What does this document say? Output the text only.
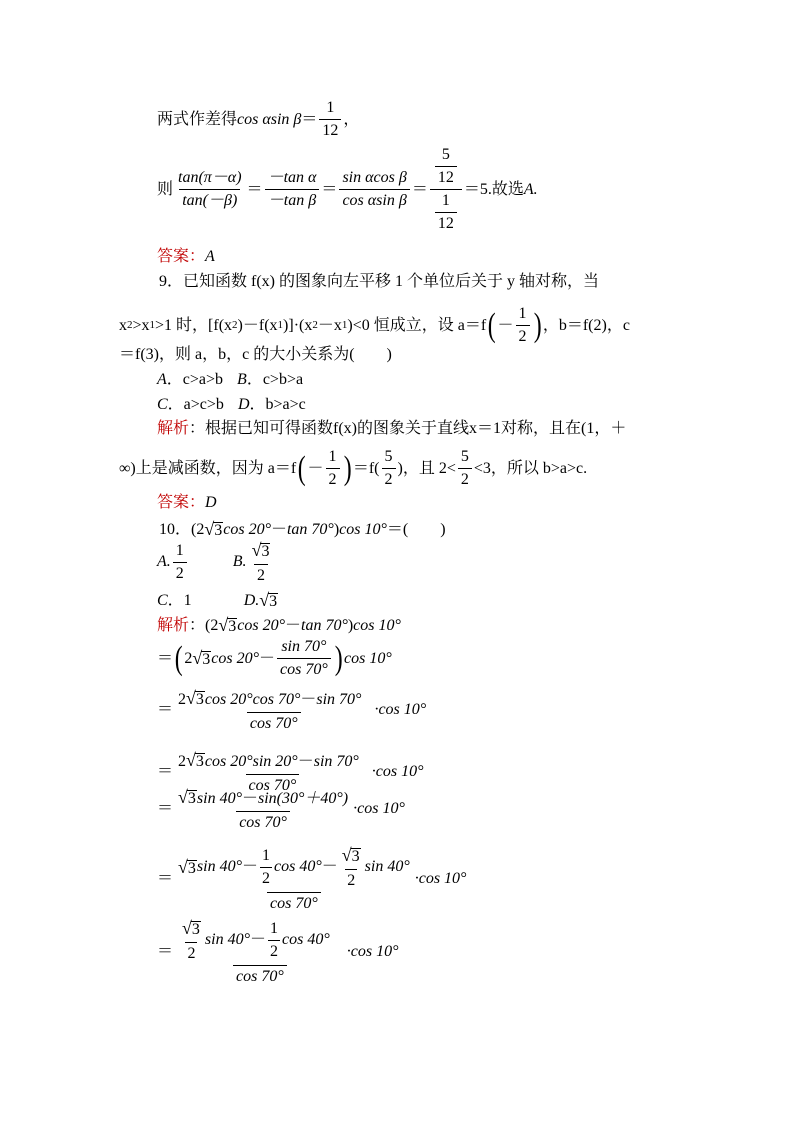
两式作差得 cos αsin $\beta = \frac{1}{12}$ ，
则 $\frac{\tan(\pi-\alpha)}{\tan(-\beta)} = \frac{\text{－tan α}}{\text{－tan β}} = \frac{\text{sin αcos β}}{\text{cos αsin β}} = \frac{\frac{5}{12}}{\frac{1}{12}} =5$.故选 A.
答案： A
9．已知函数 f(x) 的图象向左平移 1 个单位后关于 y 轴对称，当
x 2 >x 1 >1 时，[f(x 2 )－f(x 1 )]·(x 2 －x 1 )<0 恒成立，设 a＝f ( － $\frac{1}{2}$ ) ，b＝f(2)，c
＝f(3)，则 a，b，c 的大小关系为(　　)
A ．c>a>b B ．c>b>a
C ．a>c>b D ．b>a>c
解析 ：根据已知可得函数f(x)的图象关于直线x＝1对称，且在(1，＋
∞)上是减函数，因为 a＝f ( － $\frac{1}{2}$ ) $=f( \frac{5}{2}$ )，且 $2< \frac{5}{2} <3$，所以 b>a>c.
答案： D
10．(2 √ 3 cos 20° － tan 70° ) cos 10° ＝(　　)
A. $\frac{1}{2}$	B. $\frac{√ 3}{2}$
C ．1	D. √ 3
解析 ：(2 √ 3 cos 20° － tan 70° ) cos 10°
＝ ( 2 √ 3 $\cos 20^\circ - \frac{\sin 70^\circ}{\cos 70^\circ}$ ) cos 10°
＝ $\frac{2 √ 3 \cos 20^\circ\cos 70^\circ-\sin 70^\circ}{\cos 70^\circ} \cdot\cos$ 10°
＝ $\frac{2 √ 3 \cos 20^\circ\sin 20^\circ-\sin 70^\circ}{\cos 70^\circ} \cdot\cos$ 10°
＝ $\frac{√ 3 \sin 40^\circ-\sin(30^\circ+40^\circ)}{\cos 70^\circ} \cdot\cos$ 10°
＝ $\frac{√ 3 \sin 40^\circ - \frac{1}{2} \cos 40^\circ - \frac{√ 3}{2} \sin 40^\circ}{\cos 70^\circ} \cdot\cos$ 10°
＝ $\frac{\frac{√ 3}{2} \sin 40^\circ - \frac{1}{2} \cos 40^\circ}{\cos 70^\circ} \cdot\cos$ 10°
